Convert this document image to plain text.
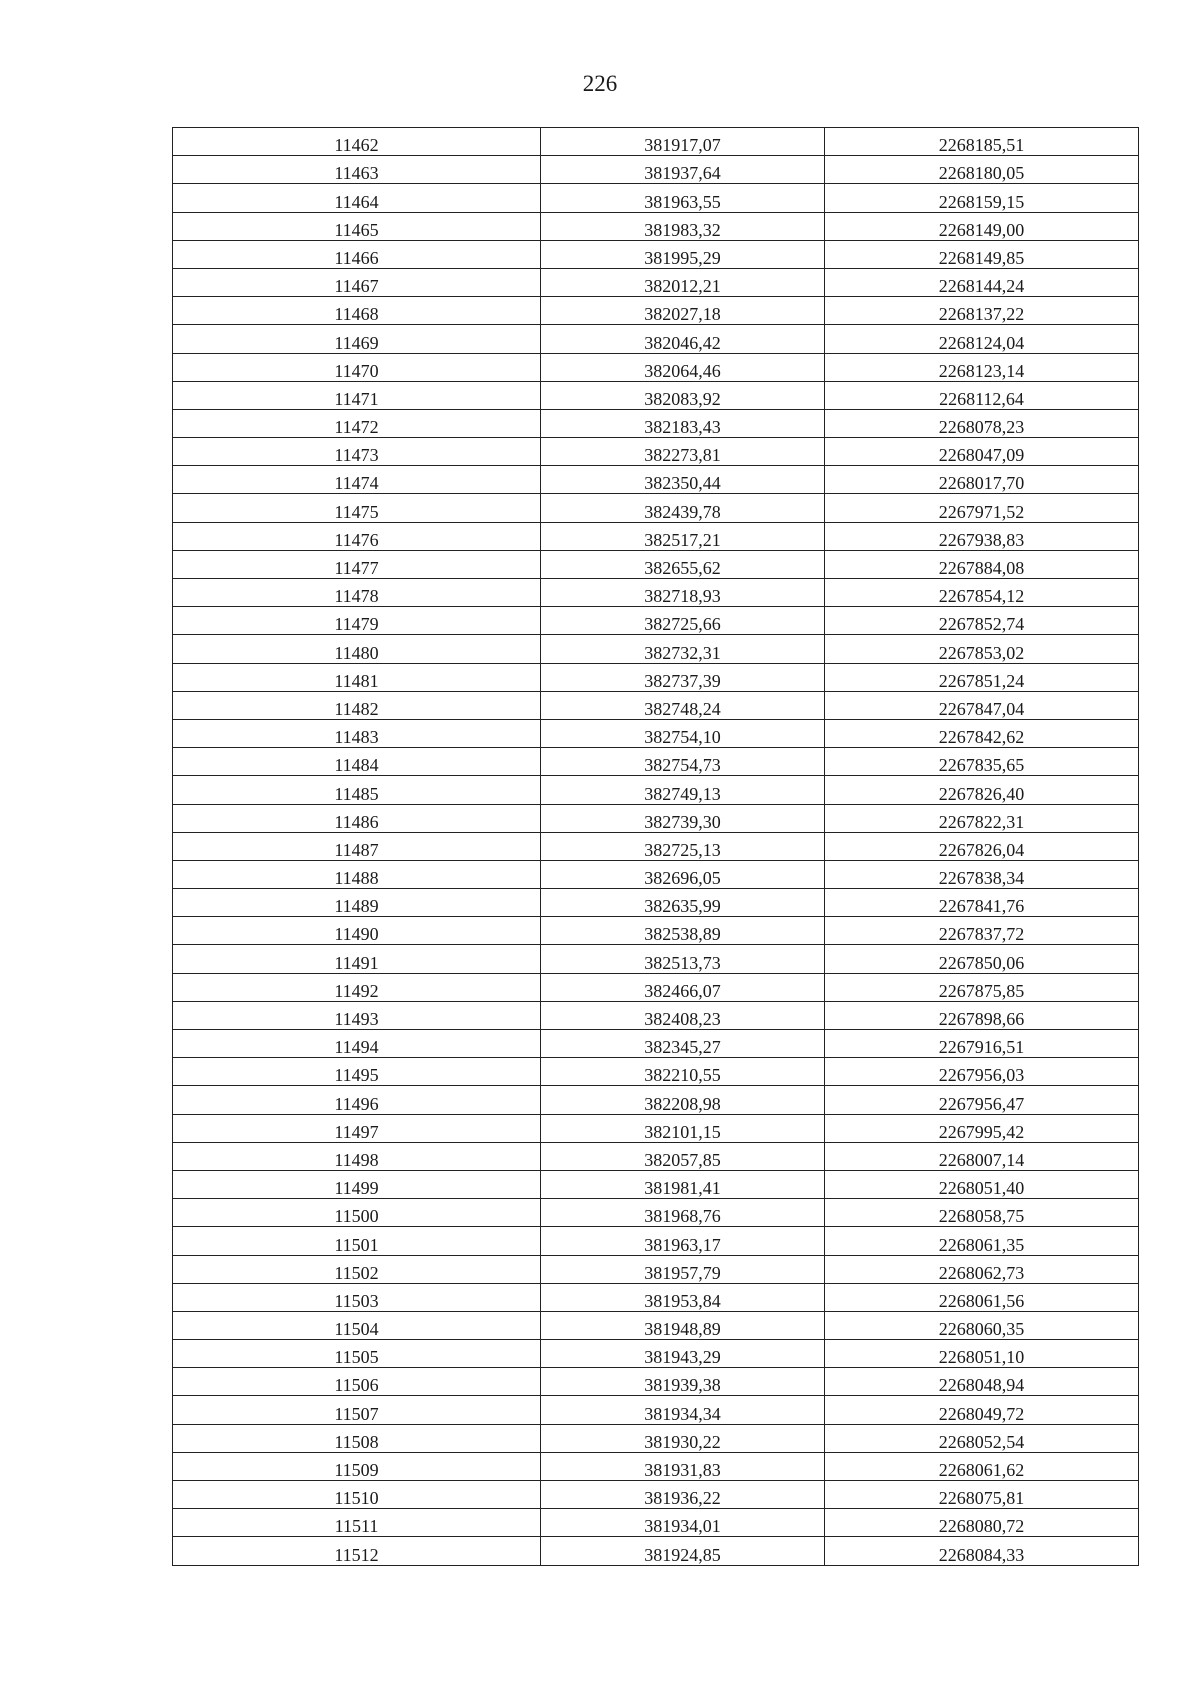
226
11462	381917,07	2268185,51
11463	381937,64	2268180,05
11464	381963,55	2268159,15
11465	381983,32	2268149,00
11466	381995,29	2268149,85
11467	382012,21	2268144,24
11468	382027,18	2268137,22
11469	382046,42	2268124,04
11470	382064,46	2268123,14
11471	382083,92	2268112,64
11472	382183,43	2268078,23
11473	382273,81	2268047,09
11474	382350,44	2268017,70
11475	382439,78	2267971,52
11476	382517,21	2267938,83
11477	382655,62	2267884,08
11478	382718,93	2267854,12
11479	382725,66	2267852,74
11480	382732,31	2267853,02
11481	382737,39	2267851,24
11482	382748,24	2267847,04
11483	382754,10	2267842,62
11484	382754,73	2267835,65
11485	382749,13	2267826,40
11486	382739,30	2267822,31
11487	382725,13	2267826,04
11488	382696,05	2267838,34
11489	382635,99	2267841,76
11490	382538,89	2267837,72
11491	382513,73	2267850,06
11492	382466,07	2267875,85
11493	382408,23	2267898,66
11494	382345,27	2267916,51
11495	382210,55	2267956,03
11496	382208,98	2267956,47
11497	382101,15	2267995,42
11498	382057,85	2268007,14
11499	381981,41	2268051,40
11500	381968,76	2268058,75
11501	381963,17	2268061,35
11502	381957,79	2268062,73
11503	381953,84	2268061,56
11504	381948,89	2268060,35
11505	381943,29	2268051,10
11506	381939,38	2268048,94
11507	381934,34	2268049,72
11508	381930,22	2268052,54
11509	381931,83	2268061,62
11510	381936,22	2268075,81
11511	381934,01	2268080,72
11512	381924,85	2268084,33
